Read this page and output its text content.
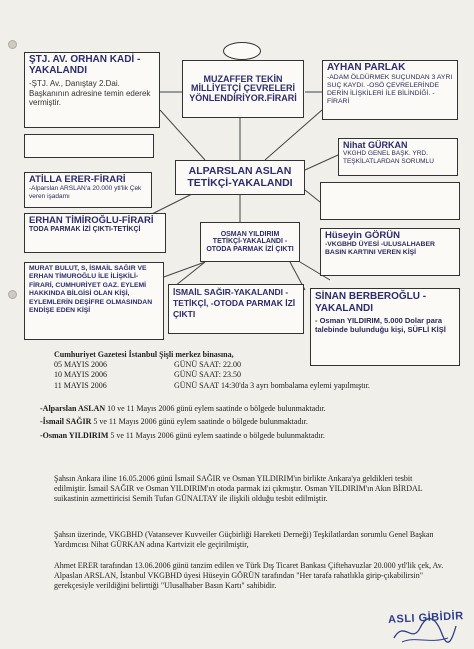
ŞTJ. AV. ORHAN KADİ -YAKALANDI
-ŞTJ. Av., Danıştay 2.Dai. Başkanının adresine temin ederek vermiştir.
MUZAFFER TEKİN MİLLİYETÇİ ÇEVRELERİ YÖNLENDİRİYOR.FİRARİ
AYHAN PARLAK
-ADAM ÖLDÜRMEK SUÇUNDAN 3 AYRI SUÇ KAYDI. -OSÖ ÇEVRELERİNDE DERİN İLİŞKİLERİ İLE BİLİNDİĞİ. -FİRARİ
Nihat GÜRKAN
VKGHD GENEL BAŞK. YRD. TEŞKİLATLARDAN SORUMLU
ALPARSLAN ASLAN TETİKÇİ-YAKALANDI
ATİLLA ERER-FİRARİ
-Alparslan ARSLAN'a 20.000 ytl'lik Çek veren işadamı
ERHAN TİMİROĞLU-FİRARİ
TODA PARMAK İZİ ÇIKTI-TETİKÇİ
OSMAN YILDIRIM TETİKÇİ-YAKALANDI -OTODA PARMAK İZİ ÇIKTI
Hüseyin GÖRÜN
-VKGBHD ÜYESİ -ULUSALHABER BASIN KARTINI VEREN KİŞİ
MURAT BULUT, S, İSMAİL SAĞIR VE ERHAN TİMUROĞLU İLE İLİŞKİLİ-FİRARİ, CUMHURİYET GAZ. EYLEMİ HAKKINDA BİLGİSİ OLAN KİŞİ, EYLEMLERİN DEŞİFRE OLMASINDAN ENDİŞE EDEN KİŞİ
İSMAİL SAĞIR-YAKALANDI -TETİKÇİ, -OTODA PARMAK İZİ ÇIKTI
SİNAN BERBEROĞLU -YAKALANDI
- Osman YILDIRIM, 5.000 Dolar para talebinde bulunduğu kişi, SÜFLİ KİŞİ
Cumhuriyet Gazetesi İstanbul Şişli merkez binasına,
05 MAYIS 2006	GÜNÜ SAAT: 22.00
10 MAYIS 2006	GÜNÜ SAAT: 23.50
11 MAYIS 2006	GÜNÜ SAAT 14:30'da 3 ayrı bombalama eylemi yapılmıştır.
-Alparslan ASLAN 10 ve 11 Mayıs 2006 günü eylem saatinde o bölgede bulunmaktadır.
-İsmail SAĞIR 5 ve 11 Mayıs 2006 günü eylem saatinde o bölgede bulunmaktadır.
-Osman YILDIRIM 5 ve 11 Mayıs 2006 günü eylem saatinde o bölgede bulunmaktadır.
Şahsın Ankara iline 16.05.2006 günü İsmail SAĞIR ve Osman YILDIRIM'ın birlikte Ankara'ya geldikleri tesbit edilmiştir. İsmail SAĞIR ve Osman YILDIRIM'ın otoda parmak izi çıkmıştır. Osman YILDIRIM'ın Akın BİRDAL suikastinin azmettiricisi Semih Tufan GÜNALTAY ile ilişkili olduğu tesbit edilmiştir.
Şahsın üzerinde, VKGBHD (Vatansever Kuvveiler Güçbirliği Hareketi Derneği) Teşkilatlardan sorumlu Genel Başkan Yardımcısı Nihat GÜRKAN adına Kartvizit ele geçirilmiştir,
Ahmet ERER tarafından 13.06.2006 günü tanzim edilen ve Türk Dış Ticaret Bankası Çiftehavuzlar 20.000 ytl'lik çek, Av. Alpaslan ARSLAN, İstanbul VKGBHD üyesi Hüseyin GÖRÜN tarafından "Her tarafa rahatlıkla girip-çıkabilirsin" gerekçesiyle verildiğini belirttiği "Ulusalhaber Basın Kartı" sahibidir.
ASLI GİBİDİR
